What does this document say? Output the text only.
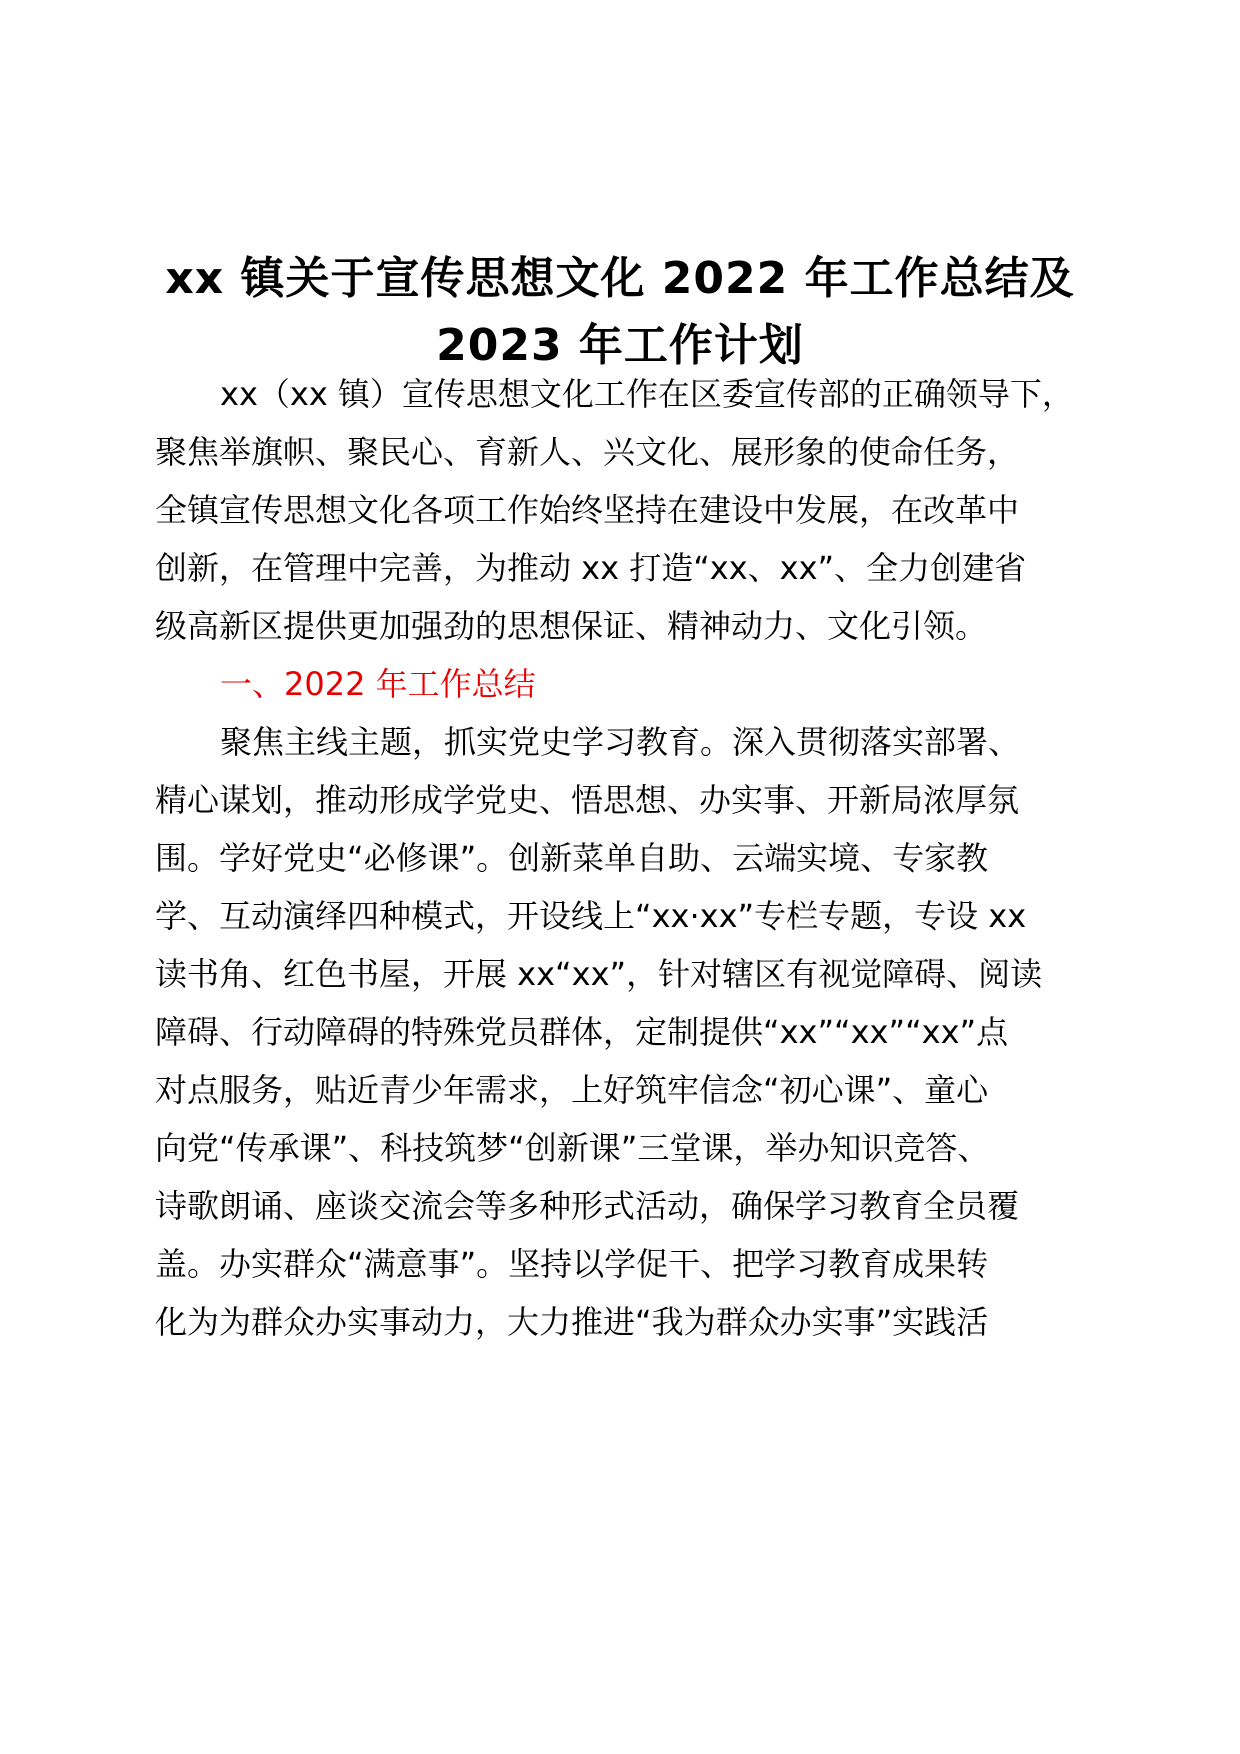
xx 镇关于宣传思想文化 2022 年工作总结及
2023 年工作计划

xx（xx 镇）宣传思想文化工作在区委宣传部的正确领导下，

聚焦举旗帜、聚民心、育新人、兴文化、展形象的使命任务，

全镇宣传思想文化各项工作始终坚持在建设中发展，在改革中

创新，在管理中完善，为推动 xx 打造“xx、xx”、全力创建省

级高新区提供更加强劲的思想保证、精神动力、文化引领。

一、2022 年工作总结

聚焦主线主题，抓实党史学习教育。深入贯彻落实部署、

精心谋划，推动形成学党史、悟思想、办实事、开新局浓厚氛

围。学好党史“必修课”。创新菜单自助、云端实境、专家教

学、互动演绎四种模式，开设线上“xx·xx”专栏专题，专设 xx

读书角、红色书屋，开展 xx“xx”，针对辖区有视觉障碍、阅读

障碍、行动障碍的特殊党员群体，定制提供“xx”“xx”“xx”点

对点服务，贴近青少年需求，上好筑牢信念“初心课”、童心

向党“传承课”、科技筑梦“创新课”三堂课，举办知识竞答、

诗歌朗诵、座谈交流会等多种形式活动，确保学习教育全员覆

盖。办实群众“满意事”。坚持以学促干、把学习教育成果转

化为为群众办实事动力，大力推进“我为群众办实事”实践活
